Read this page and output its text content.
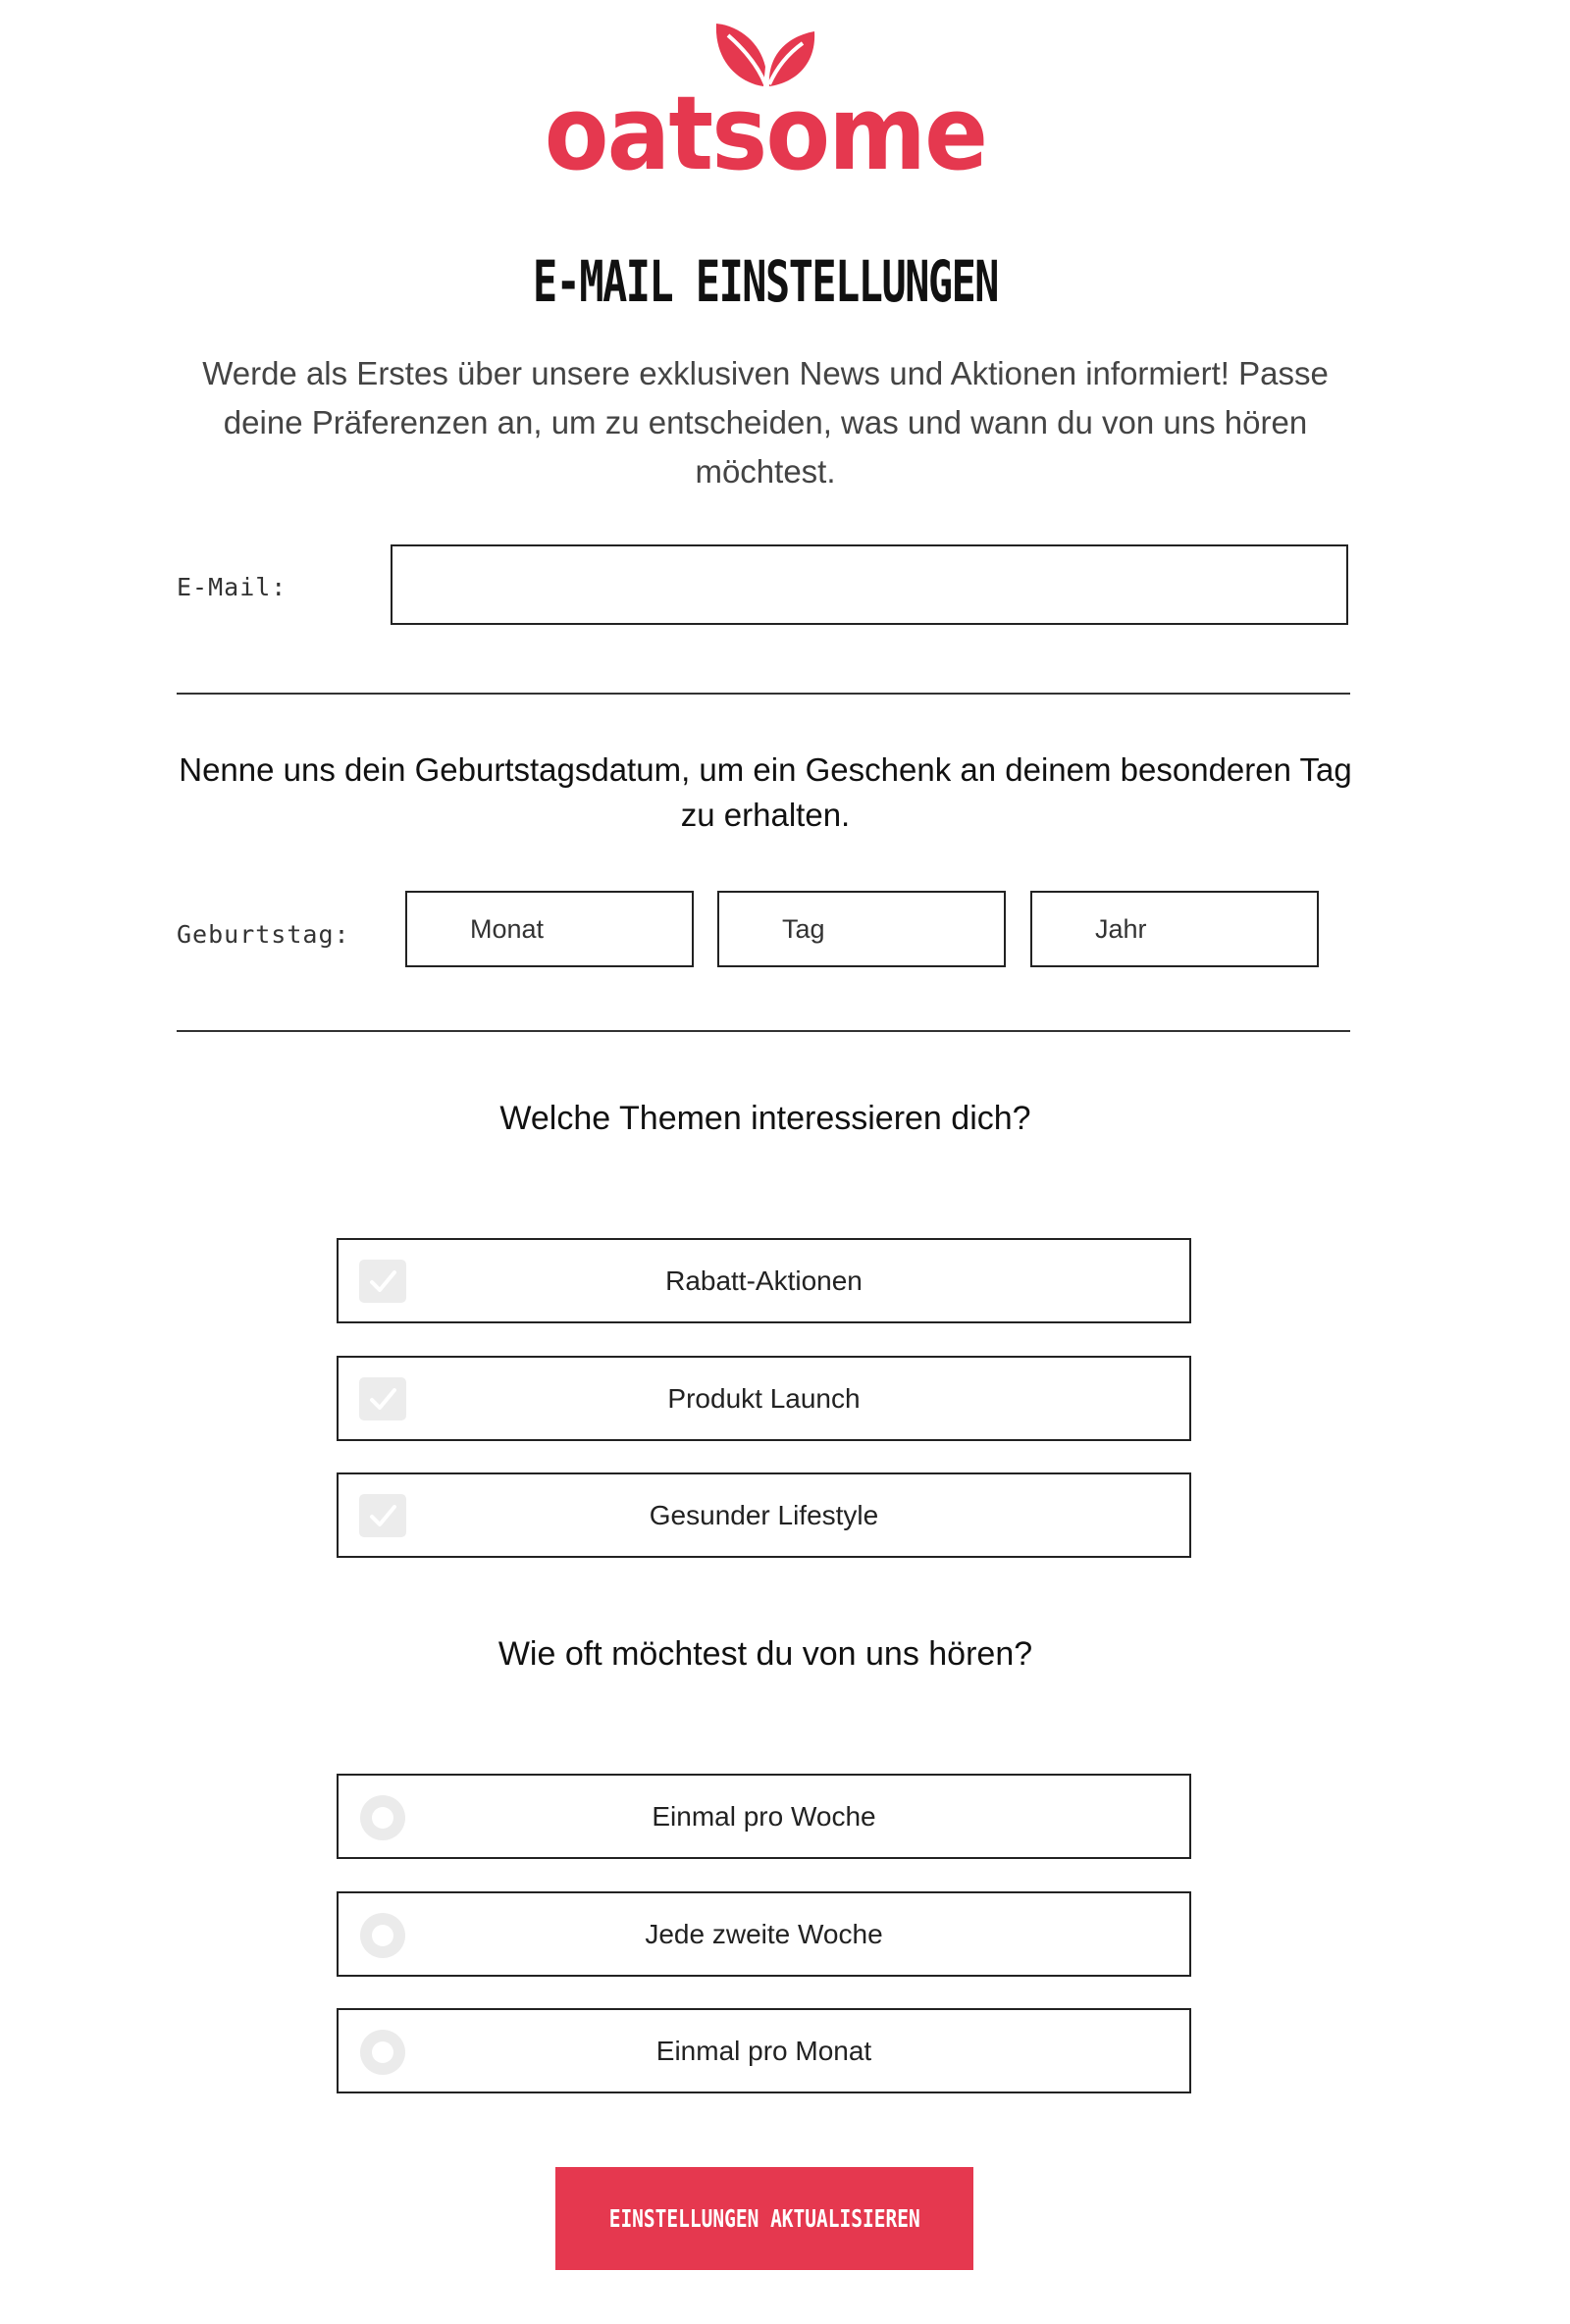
oatsome
E-MAIL EINSTELLUNGEN

Werde als Erstes über unsere exklusiven News und Aktionen informiert! Passe deine Präferenzen an, um zu entscheiden, was und wann du von uns hören möchtest.

E-Mail:

Nenne uns dein Geburtstagsdatum, um ein Geschenk an deinem besonderen Tag zu erhalten.

Geburtstag:	Monat	Tag	Jahr

Welche Themen interessieren dich?

Rabatt-Aktionen
Produkt Launch
Gesunder Lifestyle

Wie oft möchtest du von uns hören?

Einmal pro Woche
Jede zweite Woche
Einmal pro Monat
EINSTELLUNGEN AKTUALISIEREN
